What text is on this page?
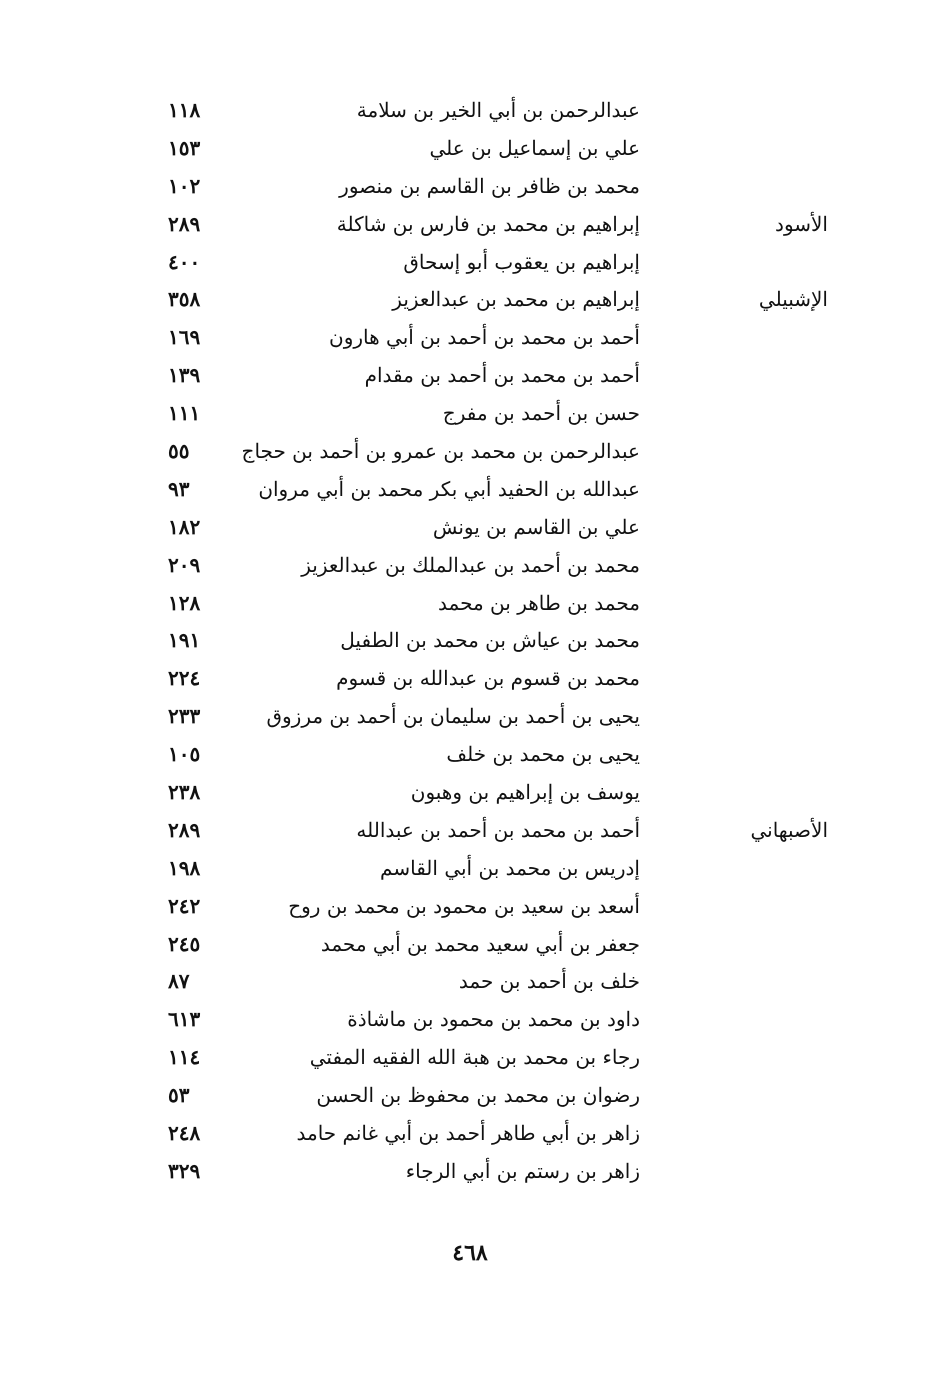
عبدالرحمن بن أبي الخير بن سلامة
١١٨
علي بن إسماعيل بن علي
١٥٣
محمد بن ظافر بن القاسم بن منصور
١٠٢
الأسود
إبراهيم بن محمد بن فارس بن شاكلة
٢٨٩
إبراهيم بن يعقوب أبو إسحاق
٤٠٠
الإشبيلي
إبراهيم بن محمد بن عبدالعزيز
٣٥٨
أحمد بن محمد بن أحمد بن أبي هارون
١٦٩
أحمد بن محمد بن أحمد بن مقدام
١٣٩
حسن بن أحمد بن مفرج
١١١
عبدالرحمن بن محمد بن عمرو بن أحمد بن حجاج
٥٥
عبدالله بن الحفيد أبي بكر محمد بن أبي مروان
٩٣
علي بن القاسم بن يونش
١٨٢
محمد بن أحمد بن عبدالملك بن عبدالعزيز
٢٠٩
محمد بن طاهر بن محمد
١٢٨
محمد بن عياش بن محمد بن الطفيل
١٩١
محمد بن قسوم بن عبدالله بن قسوم
٢٢٤
يحيى بن أحمد بن سليمان بن أحمد بن مرزوق
٢٣٣
يحيى بن محمد بن خلف
١٠٥
يوسف بن إبراهيم بن وهبون
٢٣٨
الأصبهاني
أحمد بن محمد بن أحمد بن عبدالله
٢٨٩
إدريس بن محمد بن أبي القاسم
١٩٨
أسعد بن سعيد بن محمود بن محمد بن روح
٢٤٢
جعفر بن أبي سعيد محمد بن أبي محمد
٢٤٥
خلف بن أحمد بن حمد
٨٧
داود بن محمد بن محمود بن ماشاذة
٦١٣
رجاء بن محمد بن هبة الله الفقيه المفتي
١١٤
رضوان بن محمد بن محفوظ بن الحسن
٥٣
زاهر بن أبي طاهر أحمد بن أبي غانم حامد
٢٤٨
زاهر بن رستم بن أبي الرجاء
٣٢٩
٤٦٨
